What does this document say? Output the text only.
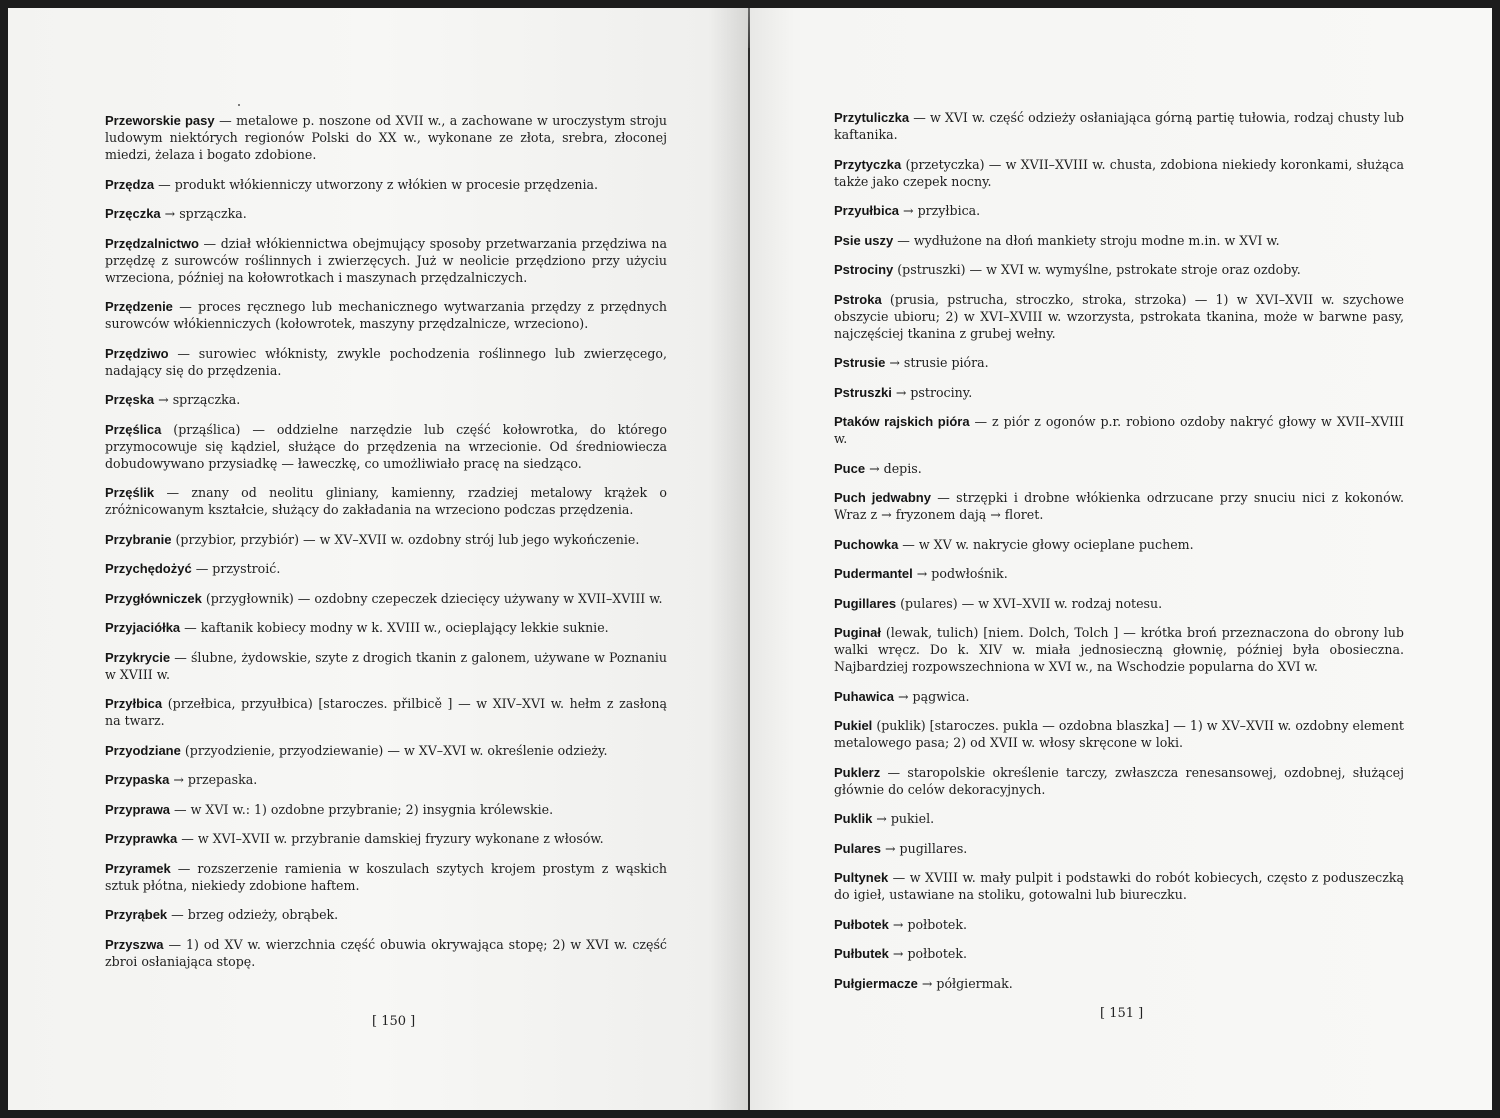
Przeworskie pasy — metalowe p. noszone od XVII w., a zachowane w uroczystym stroju ludowym niektórych regionów Polski do XX w., wykonane ze złota, srebra, złoconej miedzi, żelaza i bogato zdobione.

Przędza — produkt włókienniczy utworzony z włókien w procesie przędzenia.

Przęczka → sprzączka.

Przędzalnictwo — dział włókiennictwa obejmujący sposoby przetwarzania przędziwa na przędzę z surowców roślinnych i zwierzęcych. Już w neolicie przędziono przy użyciu wrzeciona, później na kołowrotkach i maszynach przędzalniczych.

Przędzenie — proces ręcznego lub mechanicznego wytwarzania przędzy z przędnych surowców włókienniczych (kołowrotek, maszyny przędzalnicze, wrzeciono).

Przędziwo — surowiec włóknisty, zwykle pochodzenia roślinnego lub zwierzęcego, nadający się do przędzenia.

Przęska → sprzączka.

Przęślica (prząślica) — oddzielne narzędzie lub część kołowrotka, do którego przymocowuje się kądziel, służące do przędzenia na wrzecionie. Od średniowiecza dobudowywano przysiadkę — ławeczkę, co umożliwiało pracę na siedząco.

Przęślik — znany od neolitu gliniany, kamienny, rzadziej metalowy krążek o zróżnicowanym kształcie, służący do zakładania na wrzeciono podczas przędzenia.

Przybranie (przybior, przybiór) — w XV–XVII w. ozdobny strój lub jego wykończenie.

Przychędożyć — przystroić.

Przygłówniczek (przygłownik) — ozdobny czepeczek dziecięcy używany w XVII–XVIII w.

Przyjaciółka — kaftanik kobiecy modny w k. XVIII w., ocieplający lekkie suknie.

Przykrycie — ślubne, żydowskie, szyte z drogich tkanin z galonem, używane w Poznaniu w XVIII w.

Przyłbica (przełbica, przyułbica) [staroczes. přilbicě ] — w XIV–XVI w. hełm z zasłoną na twarz.

Przyodziane (przyodzienie, przyodziewanie) — w XV–XVI w. określenie odzieży.

Przypaska → przepaska.

Przyprawa — w XVI w.: 1) ozdobne przybranie; 2) insygnia królewskie.

Przyprawka — w XVI–XVII w. przybranie damskiej fryzury wykonane z włosów.

Przyramek — rozszerzenie ramienia w koszulach szytych krojem prostym z wąskich sztuk płótna, niekiedy zdobione haftem.

Przyrąbek — brzeg odzieży, obrąbek.

Przyszwa — 1) od XV w. wierzchnia część obuwia okrywająca stopę; 2) w XVI w. część zbroi osłaniająca stopę.

[ 150 ]

Przytuliczka — w XVI w. część odzieży osłaniająca górną partię tułowia, rodzaj chusty lub kaftanika.

Przytyczka (przetyczka) — w XVII–XVIII w. chusta, zdobiona niekiedy koronkami, służąca także jako czepek nocny.

Przyułbica → przyłbica.

Psie uszy — wydłużone na dłoń mankiety stroju modne m.in. w XVI w.

Pstrociny (pstruszki) — w XVI w. wymyślne, pstrokate stroje oraz ozdoby.

Pstroka (prusia, pstrucha, stroczko, stroka, strzoka) — 1) w XVI–XVII w. szychowe obszycie ubioru; 2) w XVI–XVIII w. wzorzysta, pstrokata tkanina, może w barwne pasy, najczęściej tkanina z grubej wełny.

Pstrusie → strusie pióra.

Pstruszki → pstrociny.

Ptaków rajskich pióra — z piór z ogonów p.r. robiono ozdoby nakryć głowy w XVII–XVIII w.

Puce → depis.

Puch jedwabny — strzępki i drobne włókienka odrzucane przy snuciu nici z kokonów. Wraz z → fryzonem dają → floret.

Puchowka — w XV w. nakrycie głowy ocieplane puchem.

Pudermantel → podwłośnik.

Pugillares (pulares) — w XVI–XVII w. rodzaj notesu.

Puginał (lewak, tulich) [niem. Dolch, Tolch ] — krótka broń przeznaczona do obrony lub walki wręcz. Do k. XIV w. miała jednosieczną głownię, później była obosieczna. Najbardziej rozpowszechniona w XVI w., na Wschodzie popularna do XVI w.

Puhawica → pągwica.

Pukiel (puklik) [staroczes. pukla — ozdobna blaszka] — 1) w XV–XVII w. ozdobny element metalowego pasa; 2) od XVII w. włosy skręcone w loki.

Puklerz — staropolskie określenie tarczy, zwłaszcza renesansowej, ozdobnej, służącej głównie do celów dekoracyjnych.

Puklik → pukiel.

Pulares → pugillares.

Pultynek — w XVIII w. mały pulpit i podstawki do robót kobiecych, często z poduszeczką do igieł, ustawiane na stoliku, gotowalni lub biureczku.

Pułbotek → połbotek.

Pułbutek → połbotek.

Pułgiermacze → półgiermak.

[ 151 ]
